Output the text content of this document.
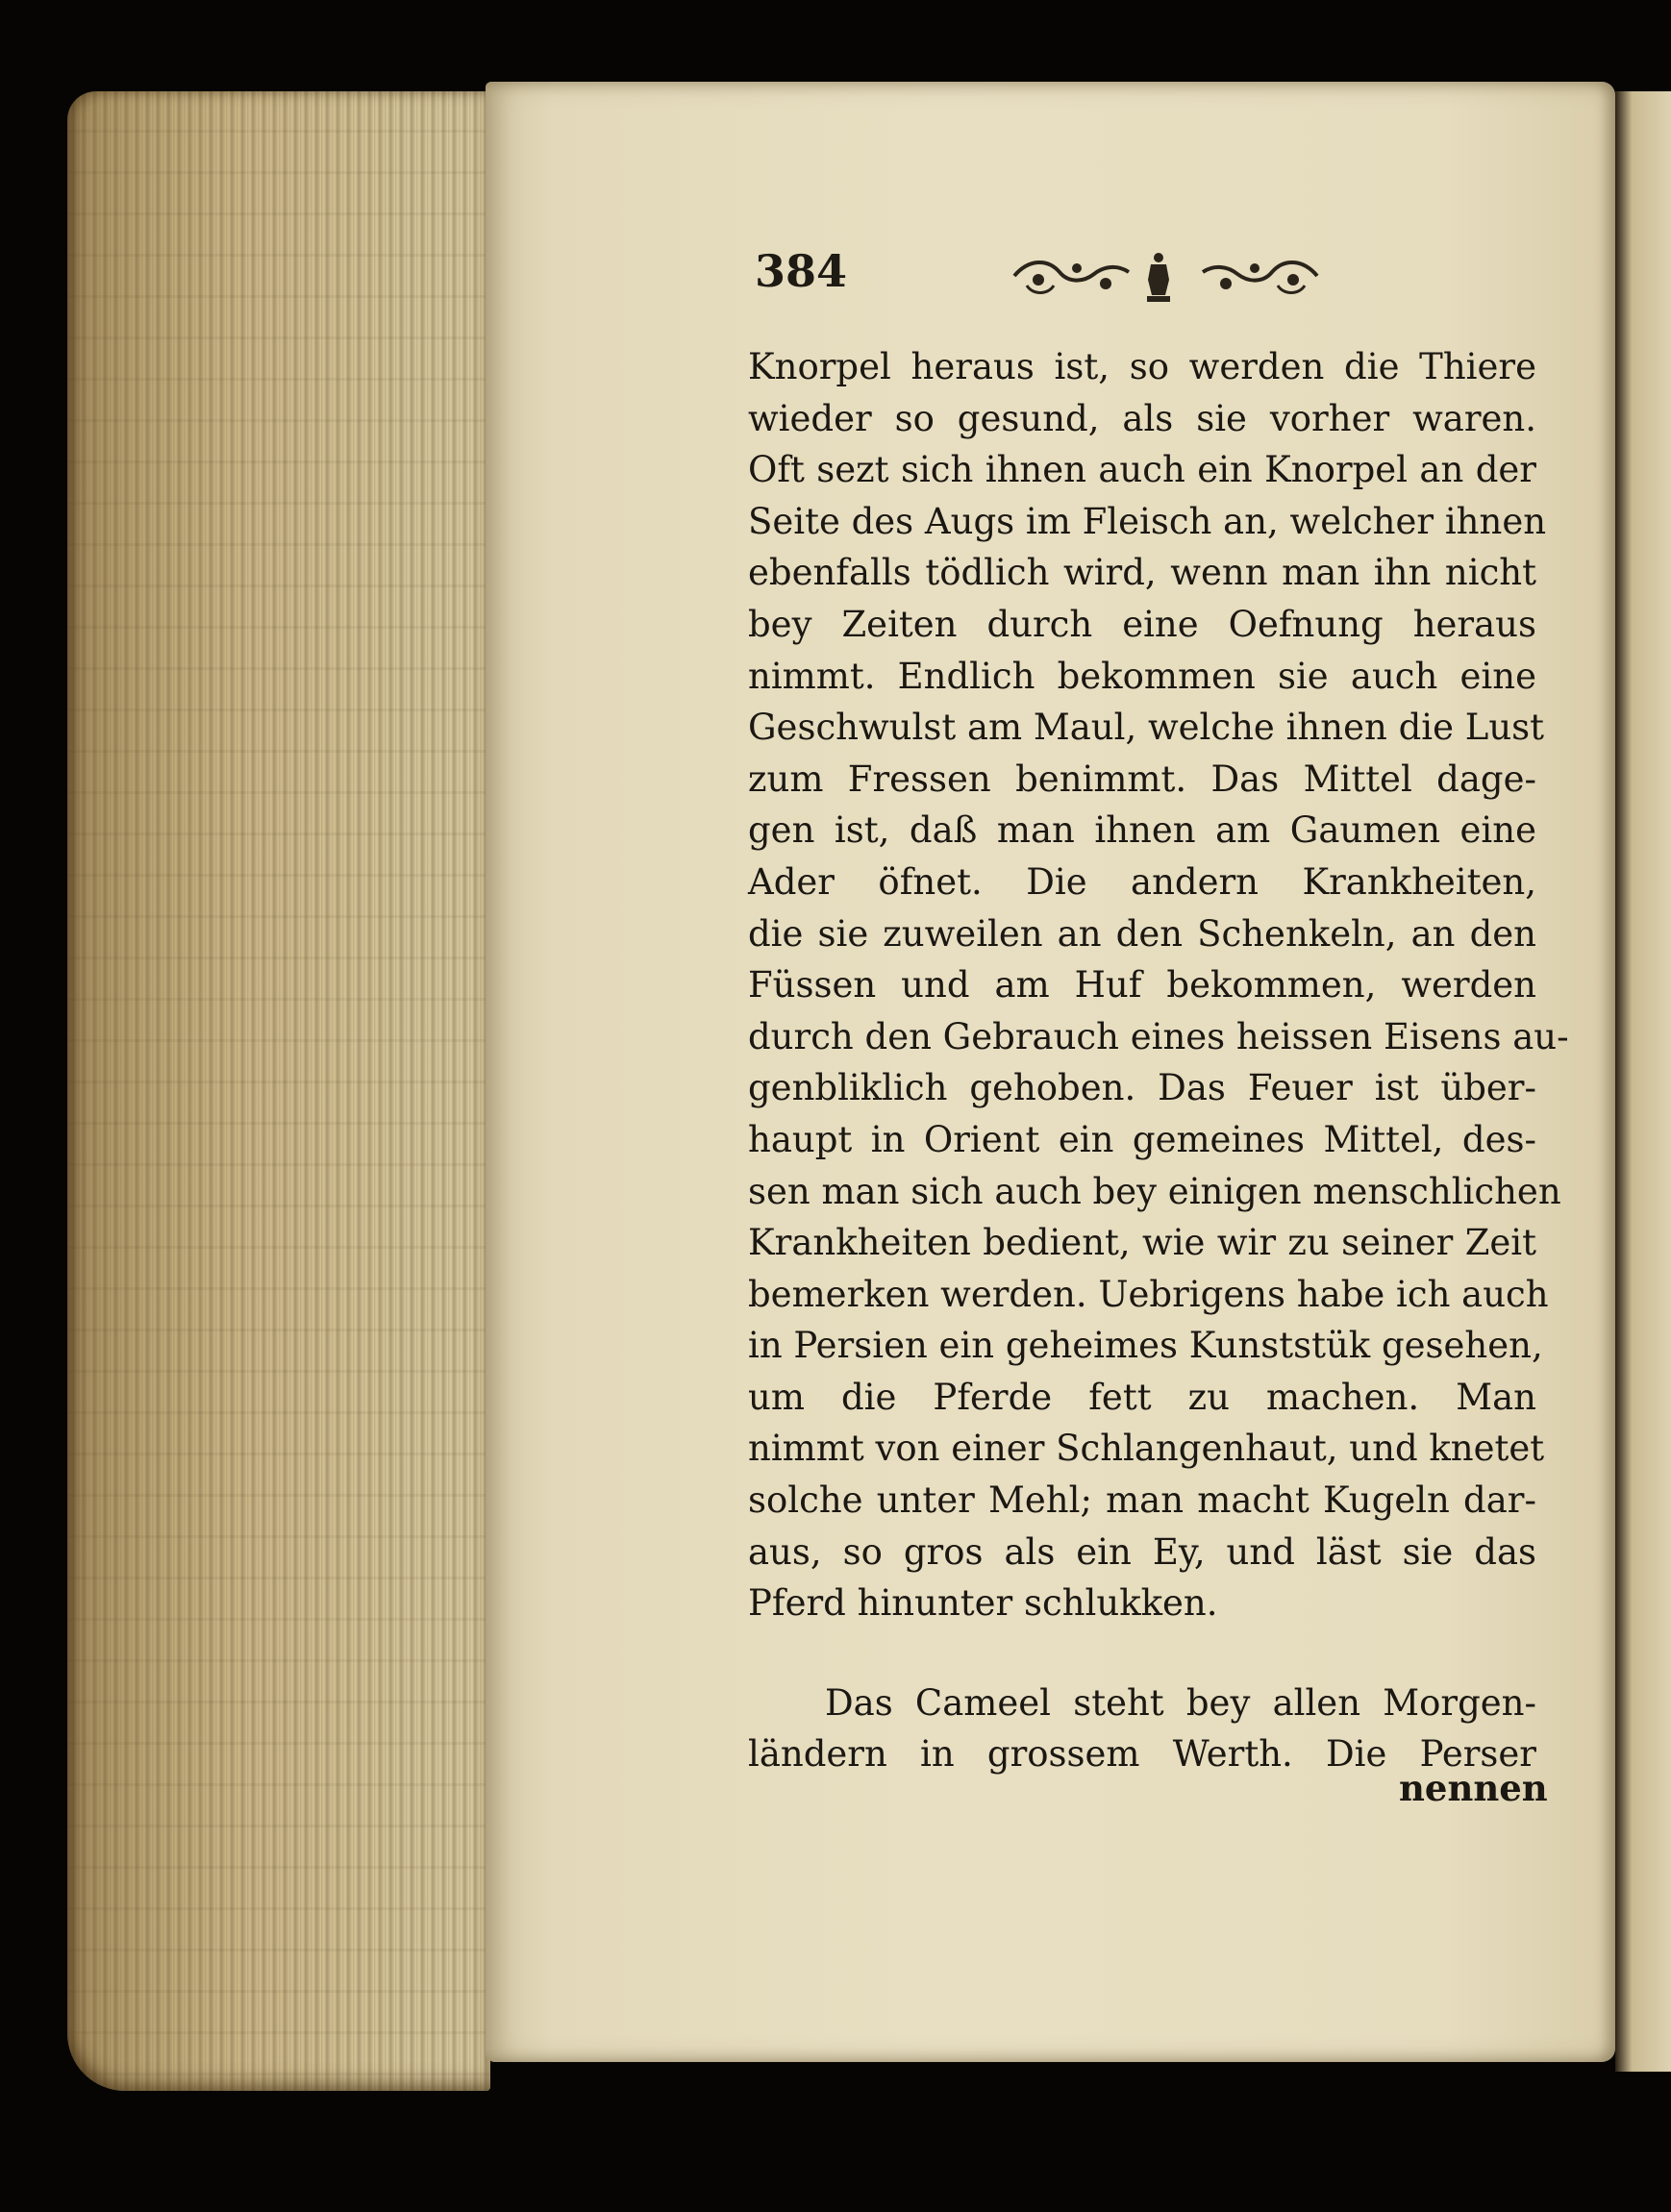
384
Knorpel heraus ist, so werden die Thiere
wieder so gesund, als sie vorher waren.
Oft sezt sich ihnen auch ein Knorpel an der
Seite des Augs im Fleisch an, welcher ihnen
ebenfalls tödlich wird, wenn man ihn nicht
bey Zeiten durch eine Oefnung heraus
nimmt. Endlich bekommen sie auch eine
Geschwulst am Maul, welche ihnen die Lust
zum Fressen benimmt. Das Mittel dage-
gen ist, daß man ihnen am Gaumen eine
Ader öfnet. Die andern Krankheiten,
die sie zuweilen an den Schenkeln, an den
Füssen und am Huf bekommen, werden
durch den Gebrauch eines heissen Eisens au-
genbliklich gehoben. Das Feuer ist über-
haupt in Orient ein gemeines Mittel, des-
sen man sich auch bey einigen menschlichen
Krankheiten bedient, wie wir zu seiner Zeit
bemerken werden. Uebrigens habe ich auch
in Persien ein geheimes Kunststük gesehen,
um die Pferde fett zu machen. Man
nimmt von einer Schlangenhaut, und knetet
solche unter Mehl; man macht Kugeln dar-
aus, so gros als ein Ey, und läst sie das
Pferd hinunter schlukken.
Das Cameel steht bey allen Morgen-
ländern in grossem Werth. Die Perser
nennen
